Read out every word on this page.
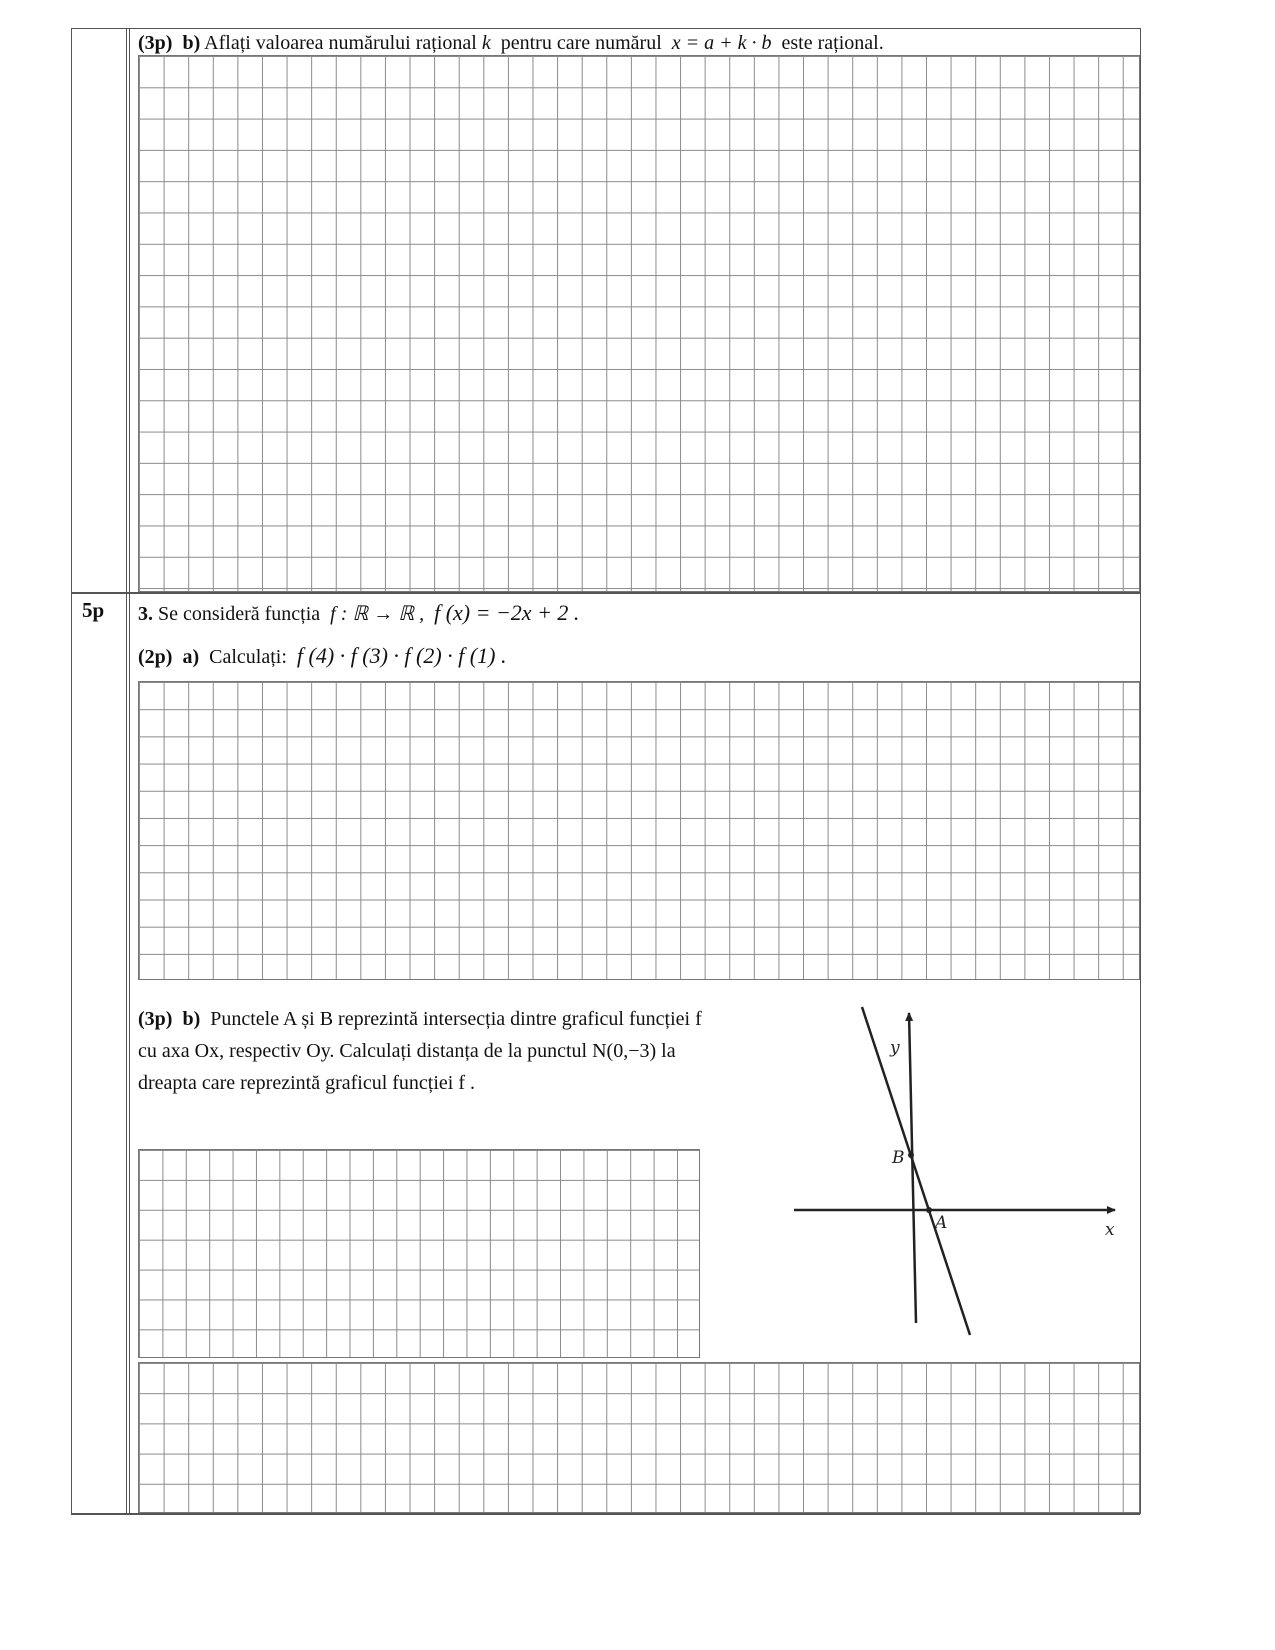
(3p) b) Aflați valoarea numărului rațional k pentru care numărul x = a + k · b este rațional.
5p 3. Se consideră funcția f : ℝ → ℝ , f (x) = −2x + 2 .
(2p) a) Calculați: f (4) · f (3) · f (2) · f (1) .
(3p) b) Punctele A și B reprezintă intersecția dintre graficul funcției f
cu axa Ox, respectiv Oy. Calculați distanța de la punctul N(0,−3) la
dreapta care reprezintă graficul funcției f .
y
x
B
A
